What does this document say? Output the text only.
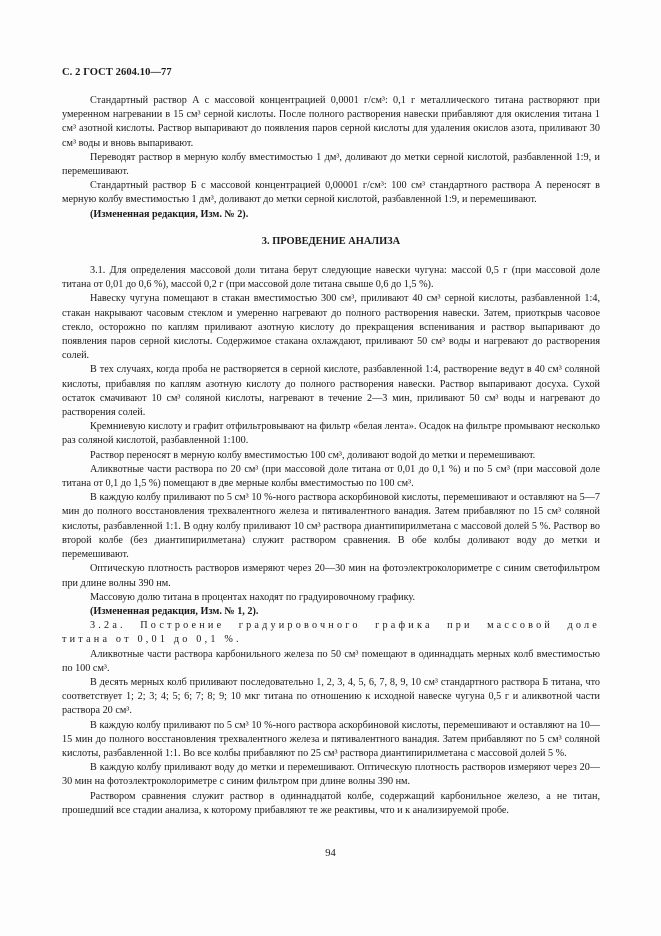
С. 2 ГОСТ 2604.10—77

Стандартный раствор А с массовой концентрацией 0,0001 г/см³: 0,1 г металлического титана растворяют при умеренном нагревании в 15 см³ серной кислоты. После полного растворения навески прибавляют для окисления титана 1 см³ азотной кислоты. Раствор выпаривают до появления паров серной кислоты для удаления окислов азота, приливают 30 см³ воды и вновь выпаривают.

Переводят раствор в мерную колбу вместимостью 1 дм³, доливают до метки серной кислотой, разбавленной 1:9, и перемешивают.

Стандартный раствор Б с массовой концентрацией 0,00001 г/см³: 100 см³ стандартного раствора А переносят в мерную колбу вместимостью 1 дм³, доливают до метки серной кислотой, разбавленной 1:9, и перемешивают.

(Измененная редакция, Изм. № 2).

3. ПРОВЕДЕНИЕ АНАЛИЗА

3.1. Для определения массовой доли титана берут следующие навески чугуна: массой 0,5 г (при массовой доле титана от 0,01 до 0,6 %), массой 0,2 г (при массовой доле титана свыше 0,6 до 1,5 %).

Навеску чугуна помещают в стакан вместимостью 300 см³, приливают 40 см³ серной кислоты, разбавленной 1:4, стакан накрывают часовым стеклом и умеренно нагревают до полного растворения навески. Затем, приоткрыв часовое стекло, осторожно по каплям приливают азотную кислоту до прекращения вспенивания и раствор выпаривают до появления паров серной кислоты. Содержимое стакана охлаждают, приливают 50 см³ воды и нагревают до растворения солей.

В тех случаях, когда проба не растворяется в серной кислоте, разбавленной 1:4, растворение ведут в 40 см³ соляной кислоты, прибавляя по каплям азотную кислоту до полного растворения навески. Раствор выпаривают досуха. Сухой остаток смачивают 10 см³ соляной кислоты, нагревают в течение 2—3 мин, приливают 50 см³ воды и нагревают до растворения солей.

Кремниевую кислоту и графит отфильтровывают на фильтр «белая лента». Осадок на фильтре промывают несколько раз соляной кислотой, разбавленной 1:100.

Раствор переносят в мерную колбу вместимостью 100 см³, доливают водой до метки и перемешивают.

Аликвотные части раствора по 20 см³ (при массовой доле титана от 0,01 до 0,1 %) и по 5 см³ (при массовой доле титана от 0,1 до 1,5 %) помещают в две мерные колбы вместимостью по 100 см³.

В каждую колбу приливают по 5 см³ 10 %-ного раствора аскорбиновой кислоты, перемешивают и оставляют на 5—7 мин до полного восстановления трехвалентного железа и пятивалентного ванадия. Затем прибавляют по 15 см³ соляной кислоты, разбавленной 1:1. В одну колбу приливают 10 см³ раствора диантипирилметана с массовой долей 5 %. Раствор во второй колбе (без диантипирилметана) служит раствором сравнения. В обе колбы доливают воду до метки и перемешивают.

Оптическую плотность растворов измеряют через 20—30 мин на фотоэлектроколориметре с синим светофильтром при длине волны 390 нм.

Массовую долю титана в процентах находят по градуировочному графику.

(Измененная редакция, Изм. № 1, 2).

3.2а. Построение градуировочного графика при массовой доле титана от 0,01 до 0,1 %.

Аликвотные части раствора карбонильного железа по 50 см³ помещают в одиннадцать мерных колб вместимостью по 100 см³.

В десять мерных колб приливают последовательно 1, 2, 3, 4, 5, 6, 7, 8, 9, 10 см³ стандартного раствора Б титана, что соответствует 1; 2; 3; 4; 5; 6; 7; 8; 9; 10 мкг титана по отношению к исходной навеске чугуна 0,5 г и аликвотной части раствора 20 см³.

В каждую колбу приливают по 5 см³ 10 %-ного раствора аскорбиновой кислоты, перемешивают и оставляют на 10—15 мин до полного восстановления трехвалентного железа и пятивалентного ванадия. Затем прибавляют по 5 см³ соляной кислоты, разбавленной 1:1. Во все колбы прибавляют по 25 см³ раствора диантипирилметана с массовой долей 5 %.

В каждую колбу приливают воду до метки и перемешивают. Оптическую плотность растворов измеряют через 20—30 мин на фотоэлектроколориметре с синим фильтром при длине волны 390 нм.

Раствором сравнения служит раствор в одиннадцатой колбе, содержащий карбонильное железо, а не титан, прошедший все стадии анализа, к которому прибавляют те же реактивы, что и к анализируемой пробе.

94
